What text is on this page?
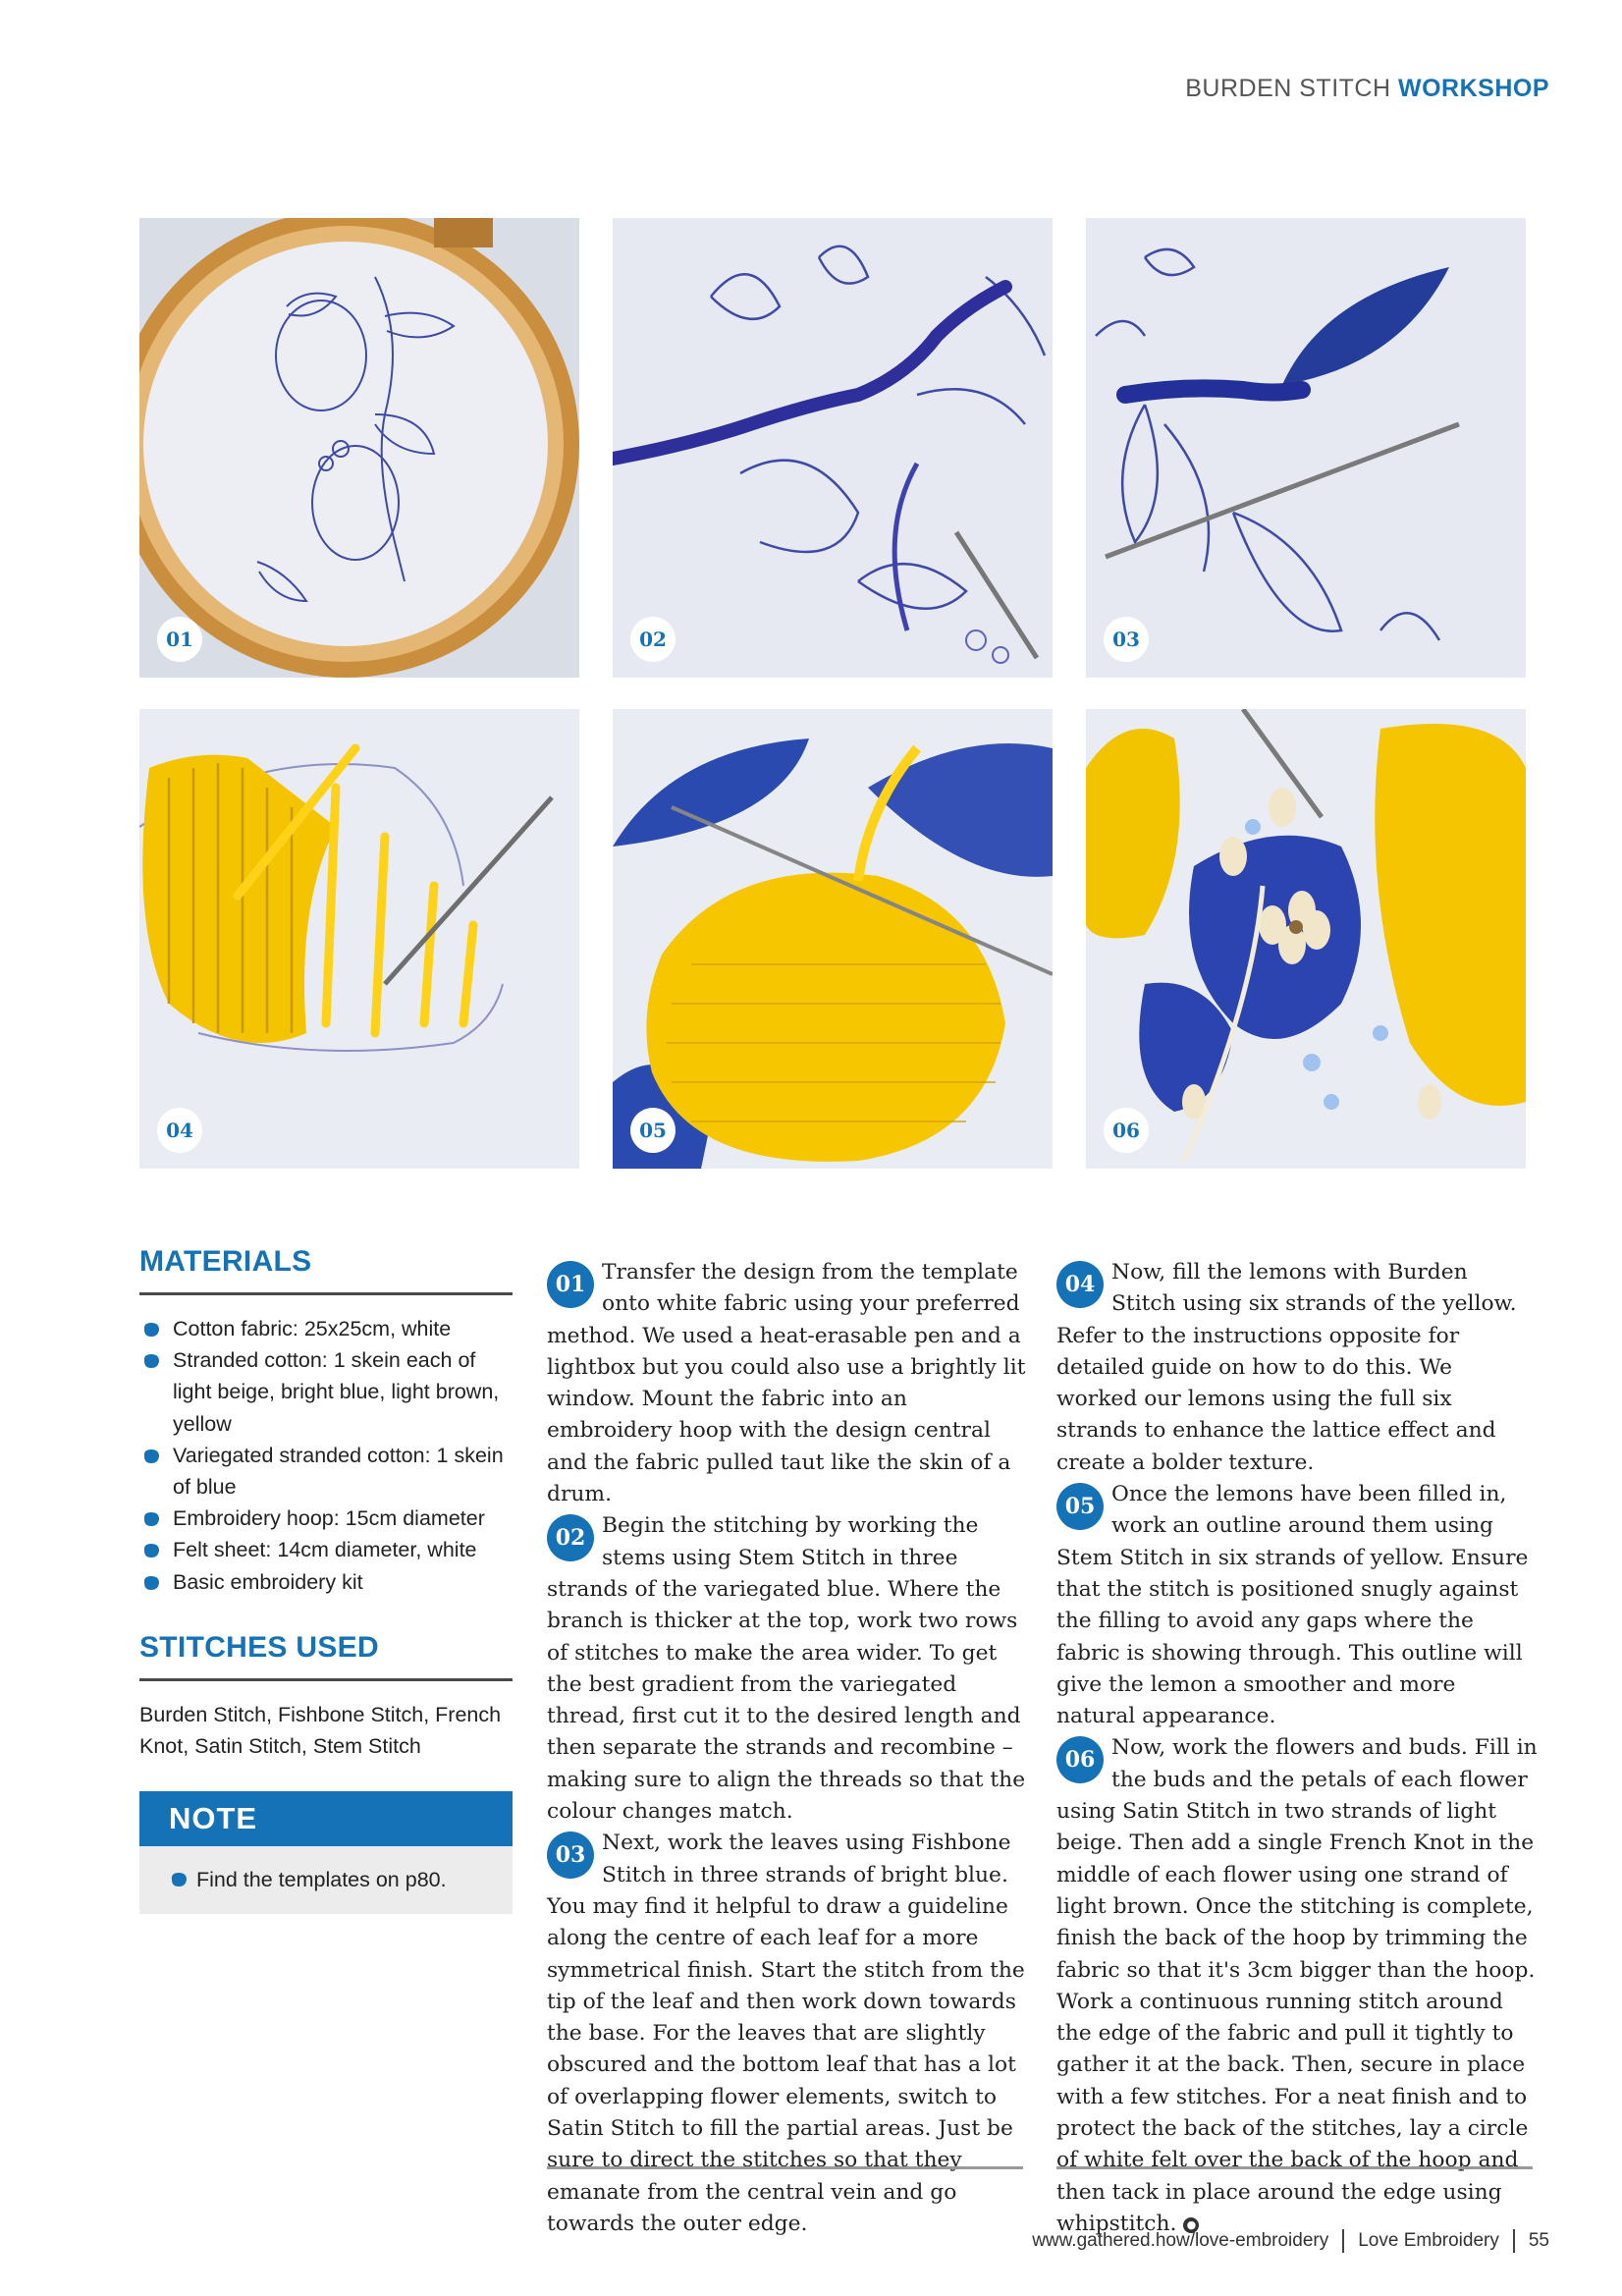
BURDEN STITCH WORKSHOP
01	02	03
04	05	06
MATERIALS
Cotton fabric: 25x25cm, white
Stranded cotton: 1 skein each of light beige, bright blue, light brown, yellow
Variegated stranded cotton: 1 skein of blue
Embroidery hoop: 15cm diameter
Felt sheet: 14cm diameter, white
Basic embroidery kit
STITCHES USED

Burden Stitch, Fishbone Stitch, French Knot, Satin Stitch, Stem Stitch

NOTE
Find the templates on p80.

01 Transfer the design from the template onto white fabric using your preferred method. We used a heat-erasable pen and a lightbox but you could also use a brightly lit window. Mount the fabric into an embroidery hoop with the design central and the fabric pulled taut like the skin of a drum.

02 Begin the stitching by working the stems using Stem Stitch in three strands of the variegated blue. Where the branch is thicker at the top, work two rows of stitches to make the area wider. To get the best gradient from the variegated thread, first cut it to the desired length and then separate the strands and recombine – making sure to align the threads so that the colour changes match.

03 Next, work the leaves using Fishbone Stitch in three strands of bright blue. You may find it helpful to draw a guideline along the centre of each leaf for a more symmetrical finish. Start the stitch from the tip of the leaf and then work down towards the base. For the leaves that are slightly obscured and the bottom leaf that has a lot of overlapping flower elements, switch to Satin Stitch to fill the partial areas. Just be sure to direct the stitches so that they emanate from the central vein and go towards the outer edge.

04 Now, fill the lemons with Burden Stitch using six strands of the yellow. Refer to the instructions opposite for detailed guide on how to do this. We worked our lemons using the full six strands to enhance the lattice effect and create a bolder texture.

05 Once the lemons have been filled in, work an outline around them using Stem Stitch in six strands of yellow. Ensure that the stitch is positioned snugly against the filling to avoid any gaps where the fabric is showing through. This outline will give the lemon a smoother and more natural appearance.

06 Now, work the flowers and buds. Fill in the buds and the petals of each flower using Satin Stitch in two strands of light beige. Then add a single French Knot in the middle of each flower using one strand of light brown. Once the stitching is complete, finish the back of the hoop by trimming the fabric so that it's 3cm bigger than the hoop. Work a continuous running stitch around the edge of the fabric and pull it tightly to gather it at the back. Then, secure in place with a few stitches. For a neat finish and to protect the back of the stitches, lay a circle of white felt over the back of the hoop and then tack in place around the edge using whipstitch. ●

www.gathered.how/love-embroidery Love Embroidery 55
